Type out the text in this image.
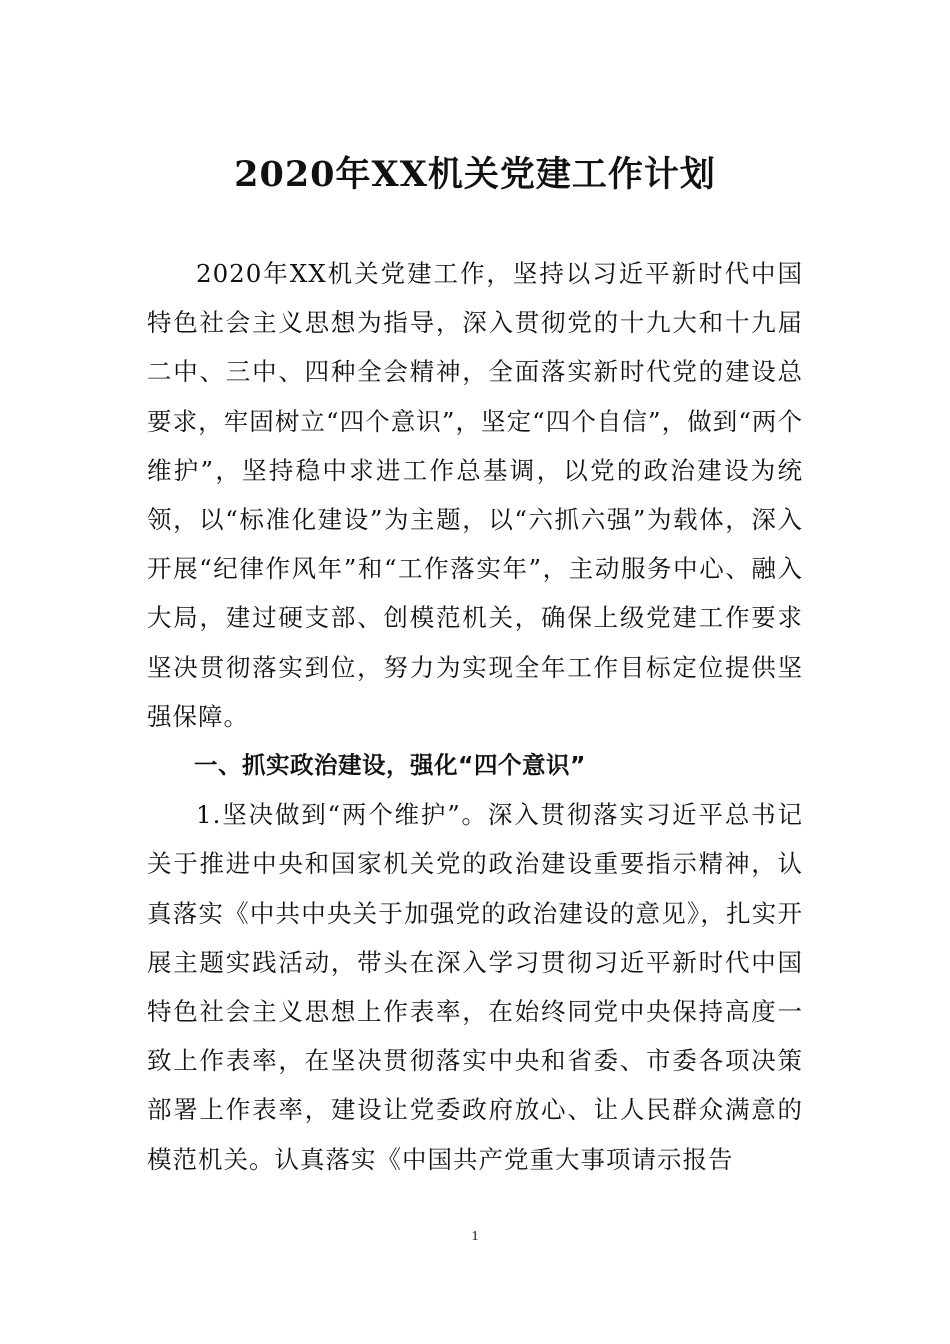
2020年XX机关党建工作计划

2020年XX机关党建工作，坚持以习近平新时代中国特色社会主义思想为指导，深入贯彻党的十九大和十九届二中、三中、四种全会精神，全面落实新时代党的建设总要求，牢固树立“四个意识”，坚定“四个自信”，做到“两个维护”，坚持稳中求进工作总基调，以党的政治建设为统领，以“标准化建设”为主题，以“六抓六强”为载体，深入开展“纪律作风年”和“工作落实年”，主动服务中心、融入大局，建过硬支部、创模范机关，确保上级党建工作要求坚决贯彻落实到位，努力为实现全年工作目标定位提供坚强保障。

一、抓实政治建设，强化“四个意识”

1.坚决做到“两个维护”。深入贯彻落实习近平总书记关于推进中央和国家机关党的政治建设重要指示精神，认真落实《中共中央关于加强党的政治建设的意见》，扎实开展主题实践活动，带头在深入学习贯彻习近平新时代中国特色社会主义思想上作表率，在始终同党中央保持高度一致上作表率，在坚决贯彻落实中央和省委、市委各项决策部署上作表率，建设让党委政府放心、让人民群众满意的模范机关。认真落实《中国共产党重大事项请示报告

1
